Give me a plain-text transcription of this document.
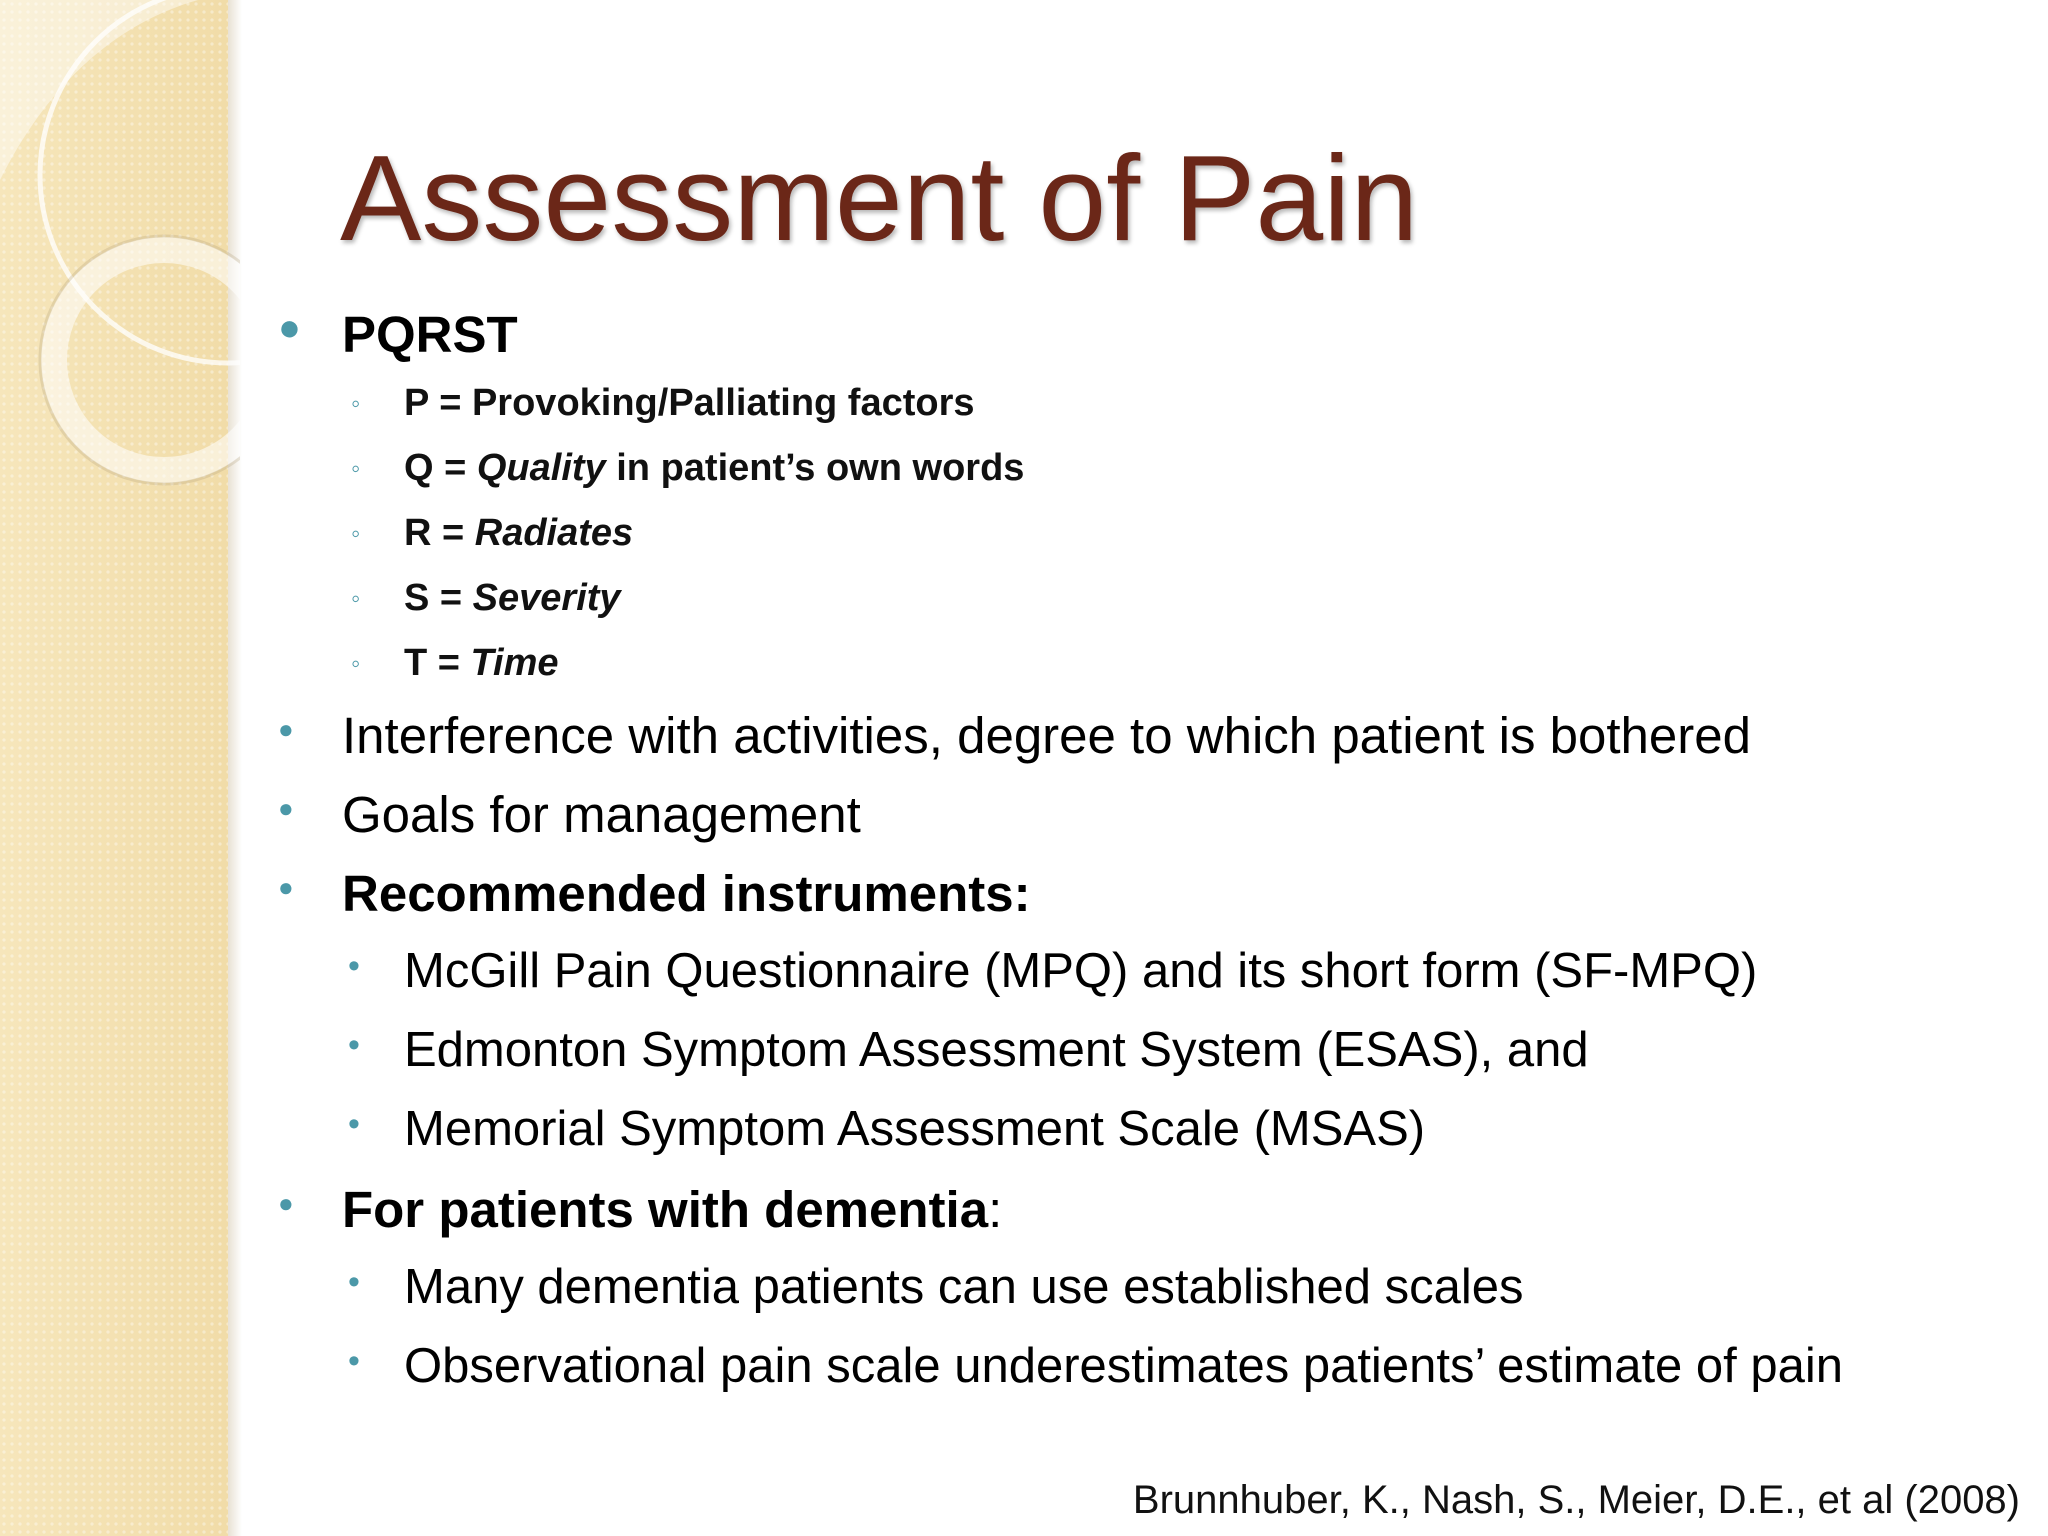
Assessment of Pain
● PQRST
◦ P = Provoking/Palliating factors
◦ Q = Quality in patient’s own words
◦ R = Radiates
◦ S = Severity
◦ T = Time
● Interference with activities, degree to which patient is bothered
● Goals for management
● Recommended instruments:
• McGill Pain Questionnaire (MPQ) and its short form (SF-MPQ)
• Edmonton Symptom Assessment System (ESAS), and
• Memorial Symptom Assessment Scale (MSAS)
● For patients with dementia:
• Many dementia patients can use established scales
• Observational pain scale underestimates patients’ estimate of pain
Brunnhuber, K., Nash, S., Meier, D.E., et al (2008)
